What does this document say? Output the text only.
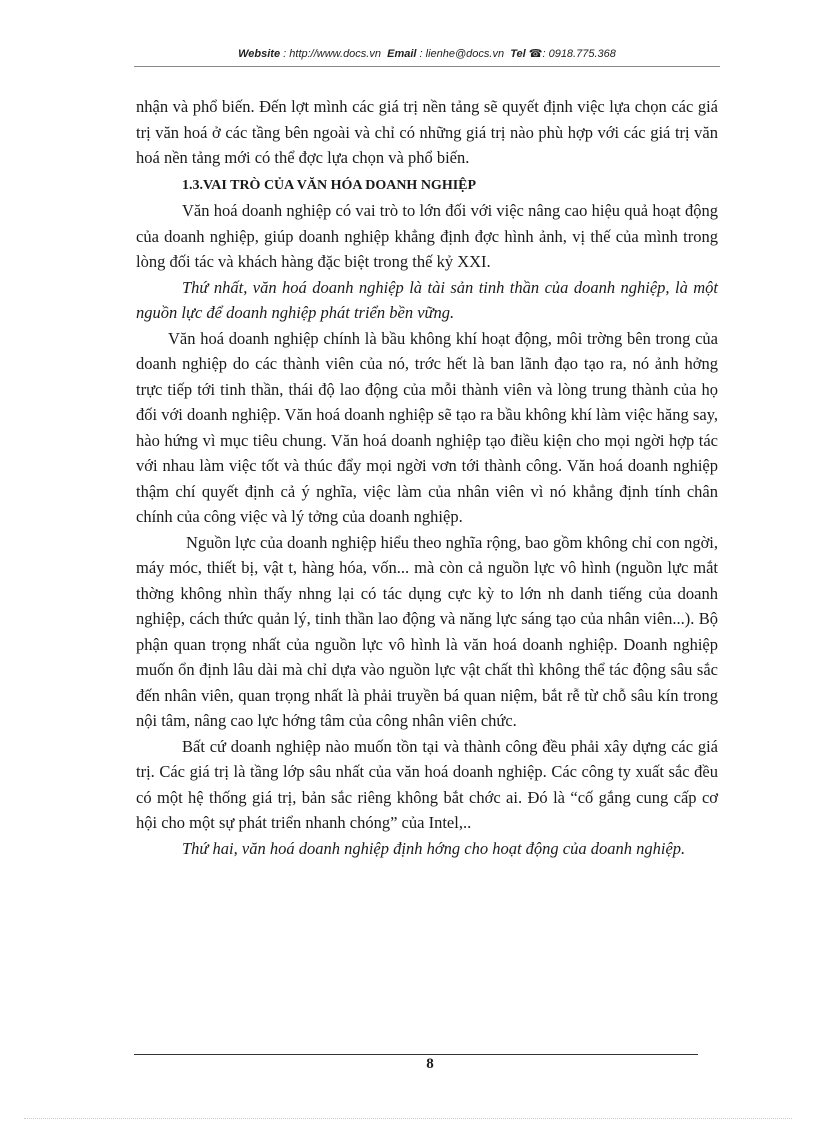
Website : http://www.docs.vn Email : lienhe@docs.vn Tel ☎: 0918.775.368

nhận và phổ biến. Đến lợt mình các giá trị nền tảng sẽ quyết định việc lựa chọn các giá trị văn hoá ở các tầng bên ngoài và chỉ có những giá trị nào phù hợp với các giá trị văn hoá nền tảng mới có thể đợc lựa chọn và phổ biến.

1.3.VAI TRÒ CỦA VĂN HÓA DOANH NGHIỆP

Văn hoá doanh nghiệp có vai trò to lớn đối với việc nâng cao hiệu quả hoạt động của doanh nghiệp, giúp doanh nghiệp khẳng định đợc hình ảnh, vị thế của mình trong lòng đối tác và khách hàng đặc biệt trong thế kỷ XXI.

Thứ nhất, văn hoá doanh nghiệp là tài sản tinh thần của doanh nghiệp, là một nguồn lực để doanh nghiệp phát triển bền vững.

Văn hoá doanh nghiệp chính là bầu không khí hoạt động, môi trờng bên trong của doanh nghiệp do các thành viên của nó, trớc hết là ban lãnh đạo tạo ra, nó ảnh hởng trực tiếp tới tinh thần, thái độ lao động của mỗi thành viên và lòng trung thành của họ đối với doanh nghiệp. Văn hoá doanh nghiệp sẽ tạo ra bầu không khí làm việc hăng say, hào hứng vì mục tiêu chung. Văn hoá doanh nghiệp tạo điều kiện cho mọi ngời hợp tác với nhau làm việc tốt và thúc đẩy mọi ngời vơn tới thành công. Văn hoá doanh nghiệp thậm chí quyết định cả ý nghĩa, việc làm của nhân viên vì nó khẳng định tính chân chính của công việc và lý tởng của doanh nghiệp.

Nguồn lực của doanh nghiệp hiểu theo nghĩa rộng, bao gồm không chỉ con ngời, máy móc, thiết bị, vật t, hàng hóa, vốn... mà còn cả nguồn lực vô hình (nguồn lực mắt thờng không nhìn thấy nhng lại có tác dụng cực kỳ to lớn nh danh tiếng của doanh nghiệp, cách thức quản lý, tinh thần lao động và năng lực sáng tạo của nhân viên...). Bộ phận quan trọng nhất của nguồn lực vô hình là văn hoá doanh nghiệp. Doanh nghiệp muốn ổn định lâu dài mà chỉ dựa vào nguồn lực vật chất thì không thể tác động sâu sắc đến nhân viên, quan trọng nhất là phải truyền bá quan niệm, bắt rễ từ chỗ sâu kín trong nội tâm, nâng cao lực hớng tâm của công nhân viên chức.

Bất cứ doanh nghiệp nào muốn tồn tại và thành công đều phải xây dựng các giá trị. Các giá trị là tầng lớp sâu nhất của văn hoá doanh nghiệp. Các công ty xuất sắc đều có một hệ thống giá trị, bản sắc riêng không bắt chớc ai. Đó là “cố gắng cung cấp cơ hội cho một sự phát triển nhanh chóng” của Intel,..

Thứ hai, văn hoá doanh nghiệp định hớng cho hoạt động của doanh nghiệp.

8
